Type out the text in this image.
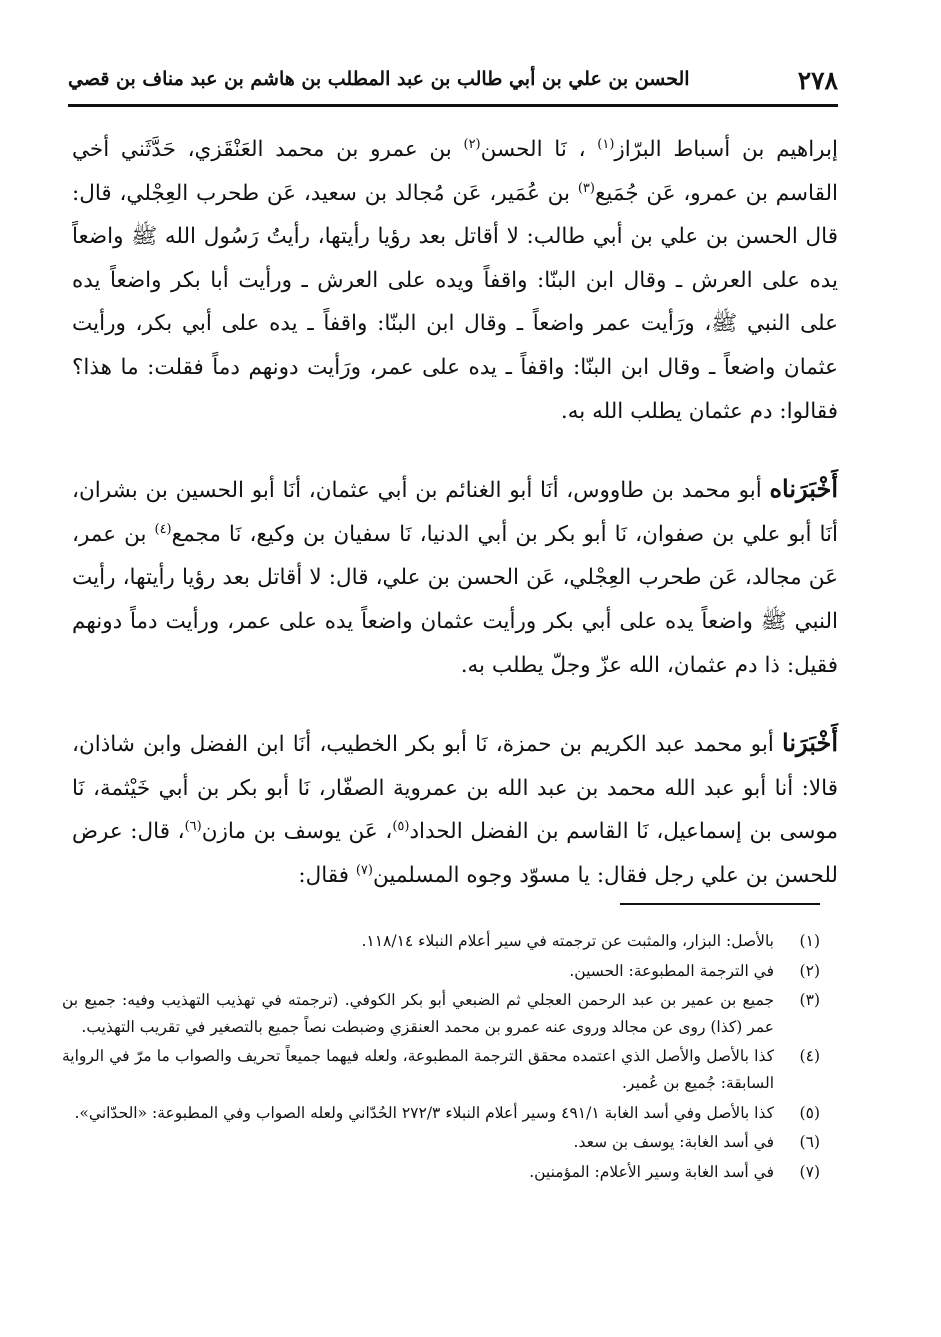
٢٧٨
الحسن بن علي بن أبي طالب بن عبد المطلب بن هاشم بن عبد مناف بن قصي

إبراهيم بن أسباط البرّاز$^{(١)}$ ، نَا الحسن$^{(٢)}$ بن عمرو بن محمد العَنْقَزي، حَدَّثَني أخي القاسم بن عمرو، عَن جُمَيع$^{(٣)}$ بن عُمَير، عَن مُجالد بن سعيد، عَن طحرب العِجْلي، قال: قال الحسن بن علي بن أبي طالب: لا أقاتل بعد رؤيا رأيتها، رأيتُ رَسُول الله ﷺ واضعاً يده على العرش ـ وقال ابن البنّا: واقفاً ويده على العرش ـ ورأيت أبا بكر واضعاً يده على النبي ﷺ، ورَأيت عمر واضعاً ـ وقال ابن البنّا: واقفاً ـ يده على أبي بكر، ورأيت عثمان واضعاً ـ وقال ابن البنّا: واقفاً ـ يده على عمر، ورَأيت دونهم دماً فقلت: ما هذا؟ فقالوا: دم عثمان يطلب الله به.

أَخْبَرَناه أبو محمد بن طاووس، أنَا أبو الغنائم بن أبي عثمان، أنَا أبو الحسين بن بشران، أنَا أبو علي بن صفوان، نَا أبو بكر بن أبي الدنيا، نَا سفيان بن وكيع، نَا مجمع$^{(٤)}$ بن عمر، عَن مجالد، عَن طحرب العِجْلي، عَن الحسن بن علي، قال: لا أقاتل بعد رؤيا رأيتها، رأيت النبي ﷺ واضعاً يده على أبي بكر ورأيت عثمان واضعاً يده على عمر، ورأيت دماً دونهم فقيل: ذا دم عثمان، الله عزّ وجلّ يطلب به.

أَخْبَرَنا أبو محمد عبد الكريم بن حمزة، نَا أبو بكر الخطيب، أنَا ابن الفضل وابن شاذان، قالا: أنا أبو عبد الله محمد بن عبد الله بن عمروية الصفّار، نَا أبو بكر بن أبي خَيْثمة، نَا موسى بن إسماعيل، نَا القاسم بن الفضل الحداد$^{(٥)}$، عَن يوسف بن مازن$^{(٦)}$، قال: عرض للحسن بن علي رجل فقال: يا مسوّد وجوه المسلمين$^{(٧)}$ فقال:

(١)
بالأصل: البزار، والمثبت عن ترجمته في سير أعلام النبلاء ١١٨/١٤.
(٢)
في الترجمة المطبوعة: الحسين.
(٣)
جميع بن عمير بن عبد الرحمن العجلي ثم الضبعي أبو بكر الكوفي. (ترجمته في تهذيب التهذيب وفيه: جميع بن عمر (كذا) روى عن مجالد وروى عنه عمرو بن محمد العنقزي وضبطت نصاً جميع بالتصغير في تقريب التهذيب.
(٤)
كذا بالأصل والأصل الذي اعتمده محقق الترجمة المطبوعة، ولعله فيهما جميعاً تحريف والصواب ما مرّ في الرواية السابقة: جُميع بن عُمير.
(٥)
كذا بالأصل وفي أسد الغابة ٤٩١/١ وسير أعلام النبلاء ٢٧٢/٣ الحُدّاني ولعله الصواب وفي المطبوعة: «الحدّاني».
(٦)
في أسد الغابة: يوسف بن سعد.
(٧)
في أسد الغابة وسير الأعلام: المؤمنين.
